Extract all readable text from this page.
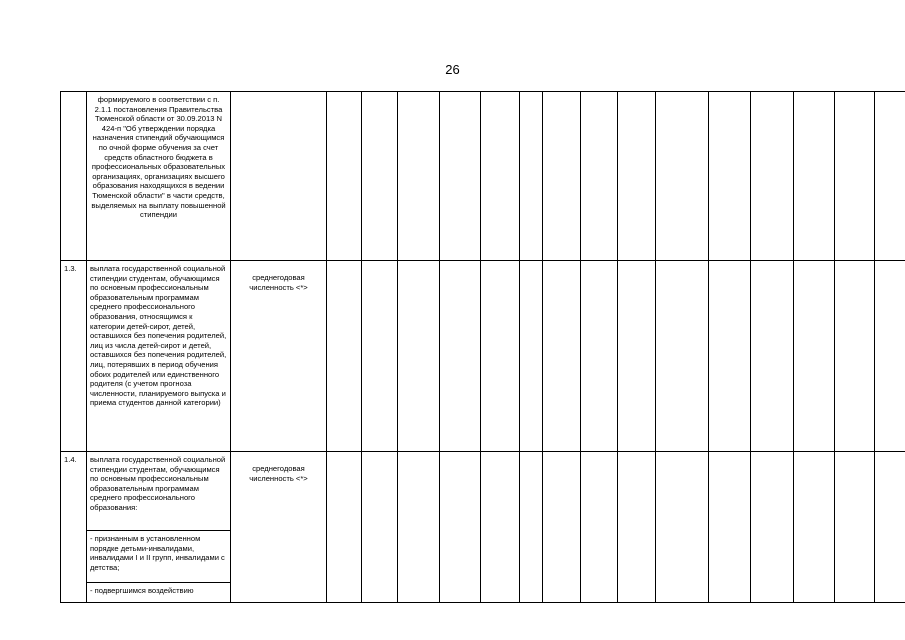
26
	формируемого в соответствии с п. 2.1.1 постановления Правительства Тюменской области от 30.09.2013 N 424-п "Об утверждении порядка назначения стипендий обучающимся по очной форме обучения за счет средств областного бюджета в профессиональных образовательных организациях, организациях высшего образования находящихся в ведении Тюменской области" в части средств, выделяемых на выплату повышенной стипендии																	
1.3.	выплата государственной социальной стипендии студентам, обучающимся по основным профессиональным образовательным программам среднего профессионального образования, относящимся к категории детей-сирот, детей, оставшихся без попечения родителей, лиц из числа детей-сирот и детей, оставшихся без попечения родителей, лиц, потерявших в период обучения обоих родителей или единственного родителя (с учетом прогноза численности, планируемого выпуска и приема студентов данной категории)	среднегодовая численность <*>																
1.4.	выплата государственной социальной стипендии студентам, обучающимся по основным профессиональным образовательным программам среднего профессионального образования:	среднегодовая численность <*>																
	- признанным в установленном порядке детьми-инвалидами, инвалидами I и II групп, инвалидами с детства;																	
	- подвергшимся воздействию																	
